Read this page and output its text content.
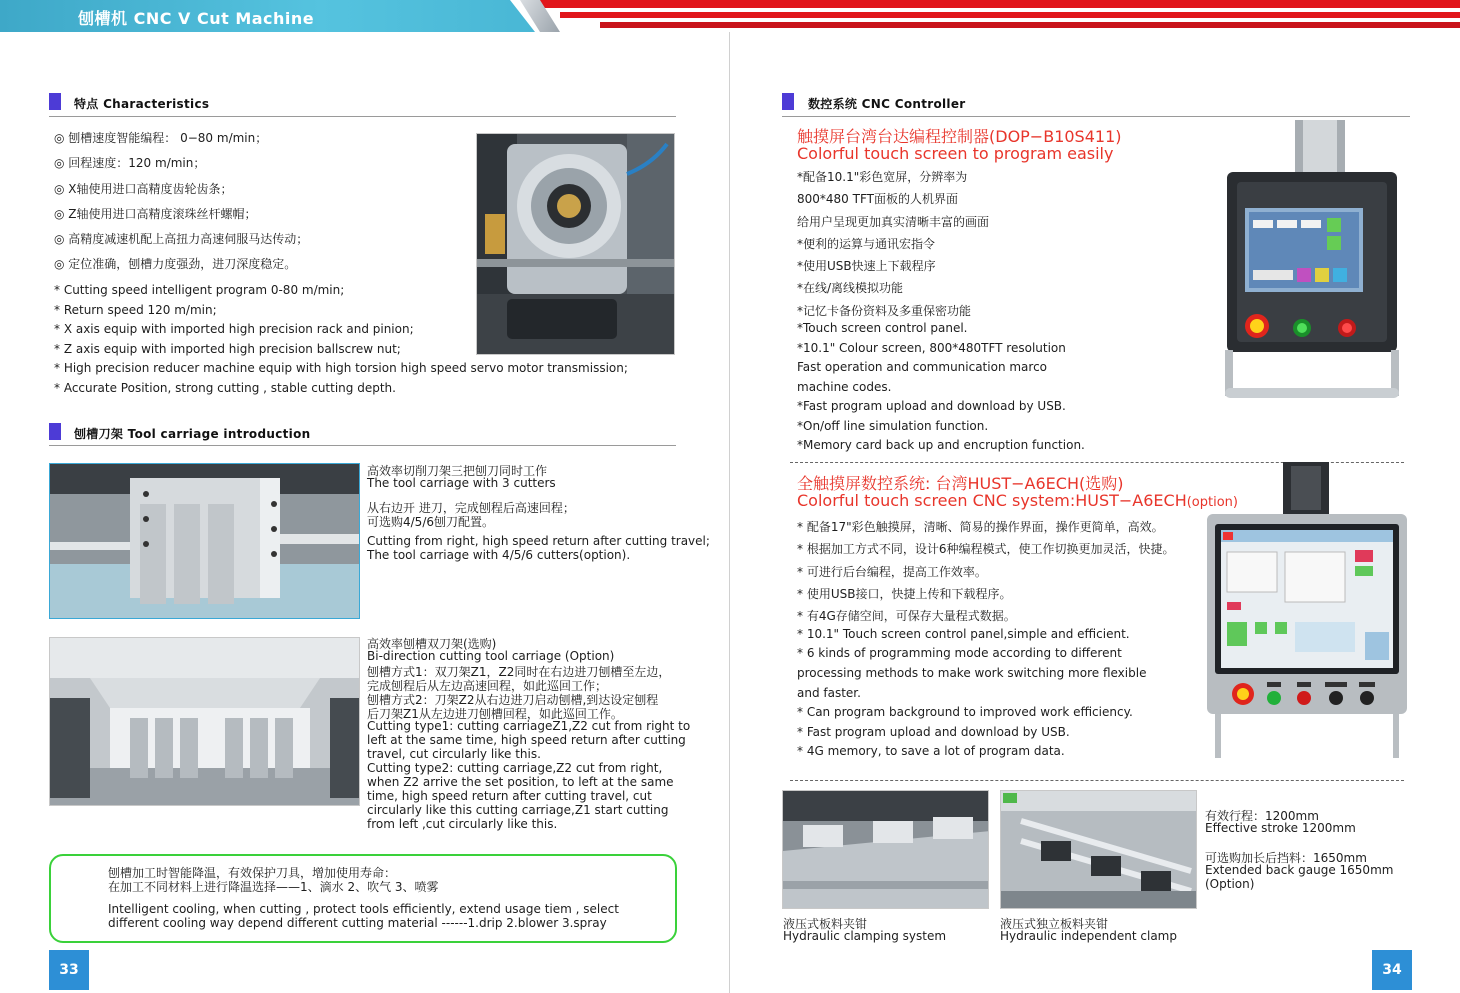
刨槽机 CNC V Cut Machine
特点 Characteristics
◎ 刨槽速度智能编程： 0−80 m/min；
◎ 回程速度：120 m/min；
◎ X轴使用进口高精度齿轮齿条；
◎ Z轴使用进口高精度滚珠丝杆螺帽；
◎ 高精度减速机配上高扭力高速伺服马达传动；
◎ 定位准确，刨槽力度强劲，进刀深度稳定。
* Cutting speed intelligent program 0-80 m/min;
* Return speed 120 m/min;
* X axis equip with imported high precision rack and pinion;
* Z axis equip with imported high precision ballscrew nut;
* High precision reducer machine equip with high torsion high speed servo motor transmission;
* Accurate Position, strong cutting , stable cutting depth.
刨槽刀架 Tool carriage introduction
高效率切削刀架三把刨刀同时工作
The tool carriage with 3 cutters
从右边开 进刀，完成刨程后高速回程；
可选购4/5/6刨刀配置。
Cutting from right, high speed return after cutting travel;
The tool carriage with 4/5/6 cutters(option).
高效率刨槽双刀架(选购)
Bi-direction cutting tool carriage (Option)
刨槽方式1：双刀架Z1，Z2同时在右边进刀刨槽至左边，
完成刨程后从左边高速回程，如此巡回工作；
刨槽方式2：刀架Z2从右边进刀启动刨槽,到达设定刨程
后刀架Z1从左边进刀刨槽回程，如此巡回工作。
Cutting type1: cutting carriageZ1,Z2 cut from right to
left at the same time, high speed return after cutting
travel, cut circularly like this.
Cutting type2: cutting carriage,Z2 cut from right,
when Z2 arrive the set position, to left at the same
time, high speed return after cutting travel, cut
circularly like this cutting carriage,Z1 start cutting
from left ,cut circularly like this.
刨槽加工时智能降温，有效保护刀具，增加使用寿命：
在加工不同材料上进行降温选择——1、滴水 2、吹气 3、喷雾
Intelligent cooling, when cutting , protect tools efficiently, extend usage tiem , select
different cooling way depend different cutting material ------1.drip 2.blower 3.spray
33
数控系统 CNC Controller
触摸屏台湾台达编程控制器(DOP−B10S411)
Colorful touch screen to program easily
*配备10.1"彩色宽屏，分辨率为
800*480 TFT面板的人机界面
给用户呈现更加真实清晰丰富的画面
*便利的运算与通讯宏指令
*使用USB快速上下载程序
*在线/离线模拟功能
*记忆卡备份资料及多重保密功能
*Touch screen control panel.
*10.1" Colour screen, 800*480TFT resolution
Fast operation and communication marco
machine codes.
*Fast program upload and download by USB.
*On/off line simulation function.
*Memory card back up and encruption function.
全触摸屏数控系统: 台湾HUST−A6ECH(选购)
Colorful touch screen CNC system:HUST−A6ECH(option)
* 配备17"彩色触摸屏，清晰、简易的操作界面，操作更简单，高效。
* 根据加工方式不同，设计6种编程模式，使工作切换更加灵活，快捷。
* 可进行后台编程，提高工作效率。
* 使用USB接口，快捷上传和下载程序。
* 有4G存储空间，可保存大量程式数据。
* 10.1" Touch screen control panel,simple and efficient.
* 6 kinds of programming mode according to different
processing methods to make work switching more flexible
and faster.
* Can program background to improved work efficiency.
* Fast program upload and download by USB.
* 4G memory, to save a lot of program data.
液压式板料夹钳
Hydraulic clamping system
液压式独立板料夹钳
Hydraulic independent clamp
有效行程：1200mm
Effective stroke 1200mm
可选购加长后挡料：1650mm
Extended back gauge 1650mm
(Option)
34
